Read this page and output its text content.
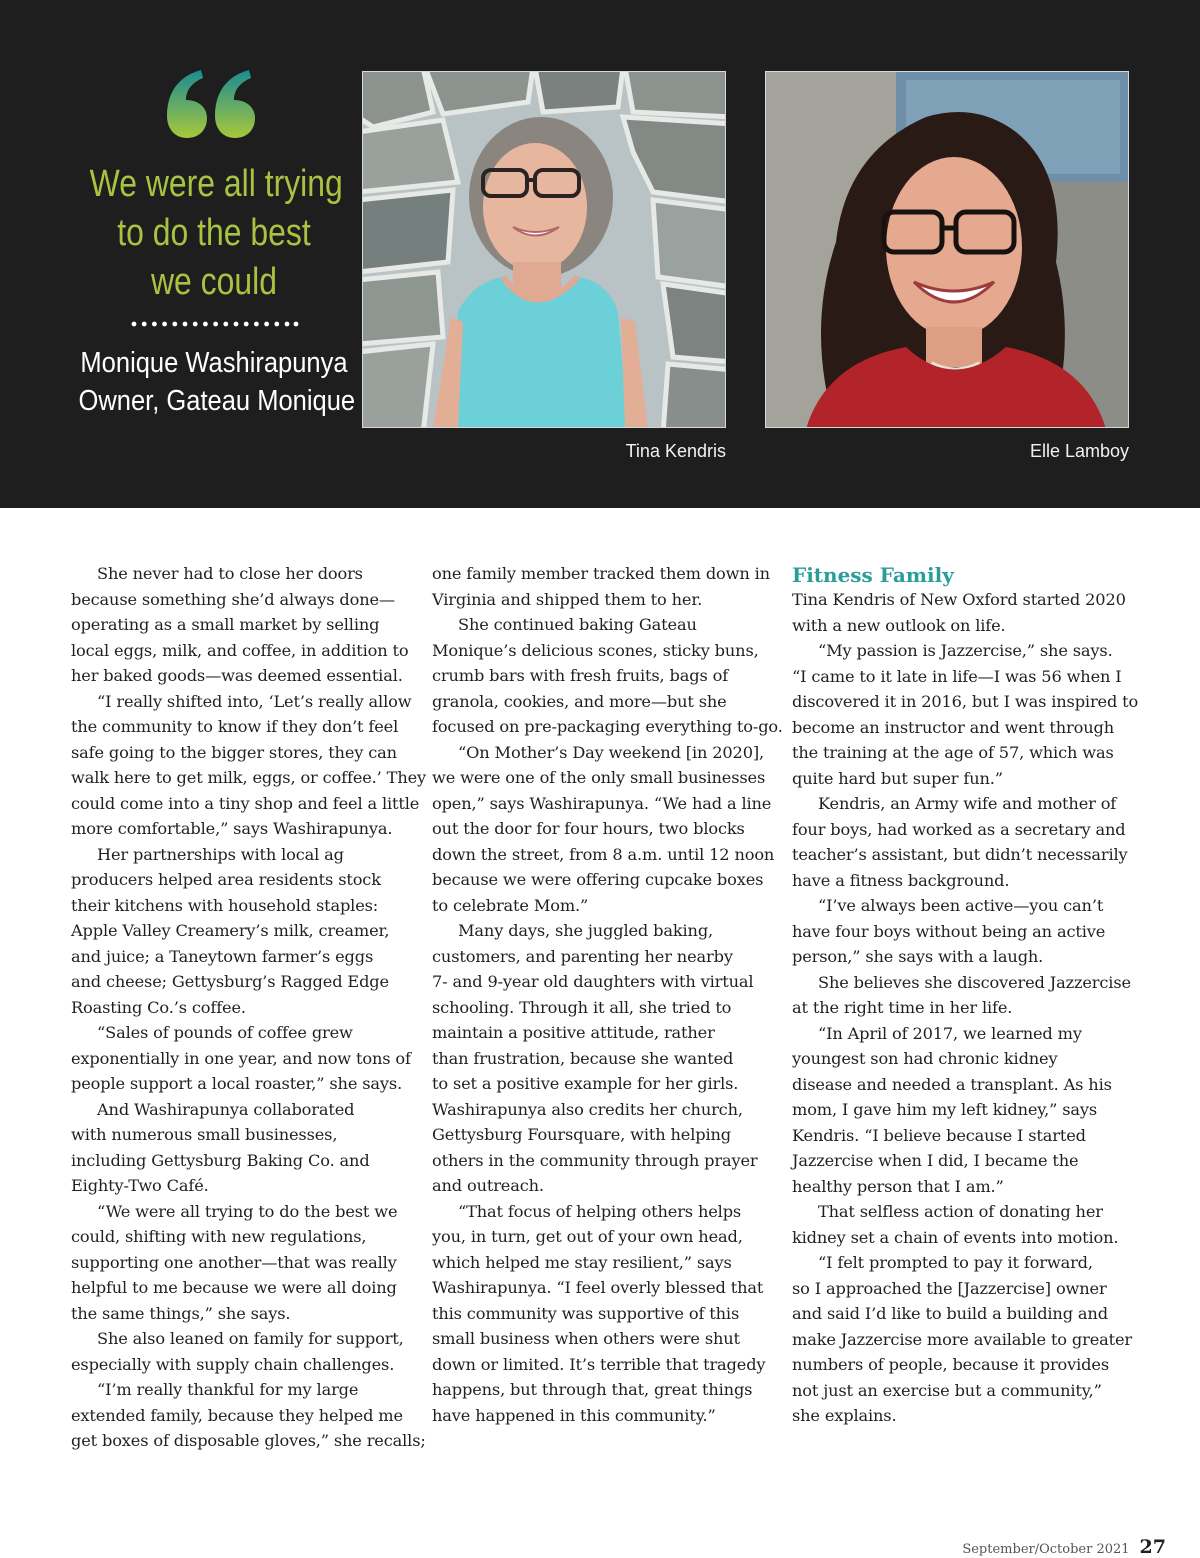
We were all trying
to do the best
we could
Monique Washirapunya
Owner, Gateau Monique
Tina Kendris	Elle Lamboy

She never had to close her doors
because something she’d always done—
operating as a small market by selling
local eggs, milk, and coffee, in addition to
her baked goods—was deemed essential.

“I really shifted into, ‘Let’s really allow
the community to know if they don’t feel
safe going to the bigger stores, they can
walk here to get milk, eggs, or coffee.’ They
could come into a tiny shop and feel a little
more comfortable,” says Washirapunya.

Her partnerships with local ag
producers helped area residents stock
their kitchens with household staples:
Apple Valley Creamery’s milk, creamer,
and juice; a Taneytown farmer’s eggs
and cheese; Gettysburg’s Ragged Edge
Roasting Co.’s coffee.

“Sales of pounds of coffee grew
exponentially in one year, and now tons of
people support a local roaster,” she says.

And Washirapunya collaborated
with numerous small businesses,
including Gettysburg Baking Co. and
Eighty-Two Café.

“We were all trying to do the best we
could, shifting with new regulations,
supporting one another—that was really
helpful to me because we were all doing
the same things,” she says.

She also leaned on family for support,
especially with supply chain challenges.

“I’m really thankful for my large
extended family, because they helped me
get boxes of disposable gloves,” she recalls;

one family member tracked them down in
Virginia and shipped them to her.

She continued baking Gateau
Monique’s delicious scones, sticky buns,
crumb bars with fresh fruits, bags of
granola, cookies, and more—but she
focused on pre-packaging everything to-go.

“On Mother’s Day weekend [in 2020],
we were one of the only small businesses
open,” says Washirapunya. “We had a line
out the door for four hours, two blocks
down the street, from 8 a.m. until 12 noon
because we were offering cupcake boxes
to celebrate Mom.”

Many days, she juggled baking,
customers, and parenting her nearby
7- and 9-year old daughters with virtual
schooling. Through it all, she tried to
maintain a positive attitude, rather
than frustration, because she wanted
to set a positive example for her girls.
Washirapunya also credits her church,
Gettysburg Foursquare, with helping
others in the community through prayer
and outreach.

“That focus of helping others helps
you, in turn, get out of your own head,
which helped me stay resilient,” says
Washirapunya. “I feel overly blessed that
this community was supportive of this
small business when others were shut
down or limited. It’s terrible that tragedy
happens, but through that, great things
have happened in this community.”

Fitness Family

Tina Kendris of New Oxford started 2020
with a new outlook on life.

“My passion is Jazzercise,” she says.
“I came to it late in life—I was 56 when I
discovered it in 2016, but I was inspired to
become an instructor and went through
the training at the age of 57, which was
quite hard but super fun.”

Kendris, an Army wife and mother of
four boys, had worked as a secretary and
teacher’s assistant, but didn’t necessarily
have a fitness background.

“I’ve always been active—you can’t
have four boys without being an active
person,” she says with a laugh.

She believes she discovered Jazzercise
at the right time in her life.

“In April of 2017, we learned my
youngest son had chronic kidney
disease and needed a transplant. As his
mom, I gave him my left kidney,” says
Kendris. “I believe because I started
Jazzercise when I did, I became the
healthy person that I am.”

That selfless action of donating her
kidney set a chain of events into motion.

“I felt prompted to pay it forward,
so I approached the [Jazzercise] owner
and said I’d like to build a building and
make Jazzercise more available to greater
numbers of people, because it provides
not just an exercise but a community,”
she explains.

September/October 2021 27
